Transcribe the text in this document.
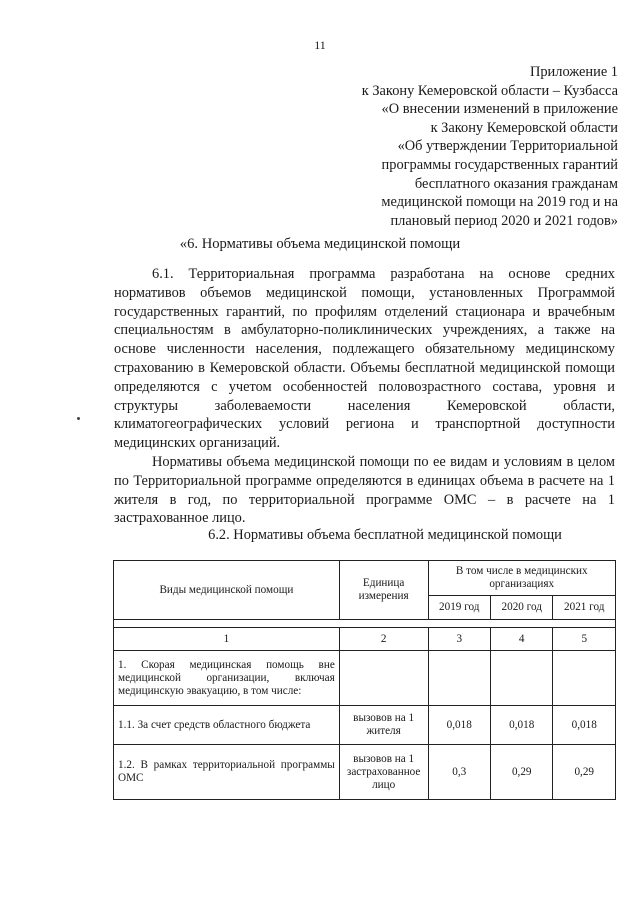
11
Приложение 1
к Закону Кемеровской области – Кузбасса
«О внесении изменений в приложение
к Закону Кемеровской области
«Об утверждении Территориальной
программы государственных гарантий
бесплатного оказания гражданам
медицинской помощи на 2019 год и на
плановый период 2020 и 2021 годов»
«6. Нормативы объема медицинской помощи

6.1. Территориальная программа разработана на основе средних нормативов объемов медицинской помощи, установленных Программой государственных гарантий, по профилям отделений стационара и врачебным специальностям в амбулаторно-поликлинических учреждениях, а также на основе численности населения, подлежащего обязательному медицинскому страхованию в Кемеровской области. Объемы бесплатной медицинской помощи определяются с учетом особенностей половозрастного состава, уровня и структуры заболеваемости населения Кемеровской области, климатогеографических условий региона и транспортной доступности медицинских организаций.

Нормативы объема медицинской помощи по ее видам и условиям в целом по Территориальной программе определяются в единицах объема в расчете на 1 жителя в год, по территориальной программе ОМС – в расчете на 1 застрахованное лицо.

6.2. Нормативы объема бесплатной медицинской помощи
Виды медицинской помощи	Единица измерения	В том числе в медицинских организациях		
		2019 год	2020 год	2021 год

1	2	3	4	5
1. Скорая медицинская помощь вне медицинской организации, включая медицинскую эвакуацию, в том числе:				
1.1. За счет средств областного бюджета	вызовов на 1 жителя	0,018	0,018	0,018
1.2. В рамках территориальной программы ОМС	вызовов на 1 застрахованное лицо	0,3	0,29	0,29
